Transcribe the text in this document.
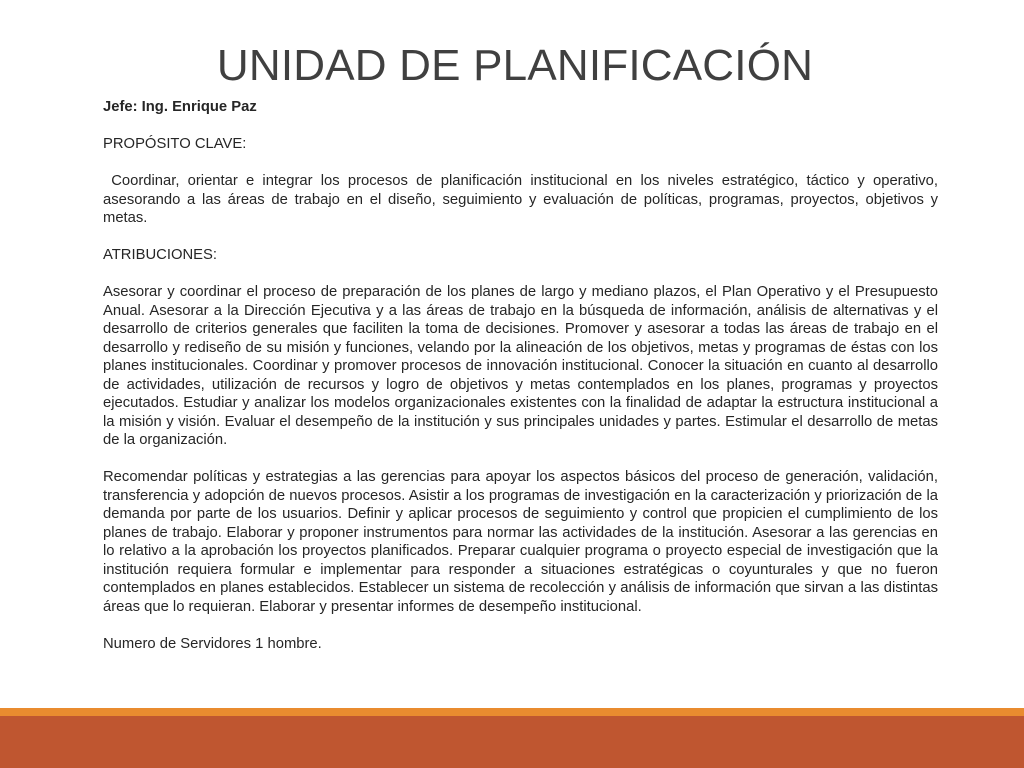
UNIDAD DE PLANIFICACIÓN

Jefe: Ing. Enrique Paz

PROPÓSITO CLAVE:

Coordinar, orientar e integrar los procesos de planificación institucional en los niveles estratégico, táctico y operativo, asesorando a las áreas de trabajo en el diseño, seguimiento y evaluación de políticas, programas, proyectos, objetivos y metas.

ATRIBUCIONES:

Asesorar y coordinar el proceso de preparación de los planes de largo y mediano plazos, el Plan Operativo y el Presupuesto Anual. Asesorar a la Dirección Ejecutiva y a las áreas de trabajo en la búsqueda de información, análisis de alternativas y el desarrollo de criterios generales que faciliten la toma de decisiones. Promover y asesorar a todas las áreas de trabajo en el desarrollo y rediseño de su misión y funciones, velando por la alineación de los objetivos, metas y programas de éstas con los planes institucionales. Coordinar y promover procesos de innovación institucional. Conocer la situación en cuanto al desarrollo de actividades, utilización de recursos y logro de objetivos y metas contemplados en los planes, programas y proyectos ejecutados. Estudiar y analizar los modelos organizacionales existentes con la finalidad de adaptar la estructura institucional a la misión y visión. Evaluar el desempeño de la institución y sus principales unidades y partes. Estimular el desarrollo de metas de la organización.

Recomendar políticas y estrategias a las gerencias para apoyar los aspectos básicos del proceso de generación, validación, transferencia y adopción de nuevos procesos. Asistir a los programas de investigación en la caracterización y priorización de la demanda por parte de los usuarios. Definir y aplicar procesos de seguimiento y control que propicien el cumplimiento de los planes de trabajo. Elaborar y proponer instrumentos para normar las actividades de la institución. Asesorar a las gerencias en lo relativo a la aprobación los proyectos planificados. Preparar cualquier programa o proyecto especial de investigación que la institución requiera formular e implementar para responder a situaciones estratégicas o coyunturales y que no fueron contemplados en planes establecidos. Establecer un sistema de recolección y análisis de información que sirvan a las distintas áreas que lo requieran. Elaborar y presentar informes de desempeño institucional.

Numero de Servidores 1 hombre.
